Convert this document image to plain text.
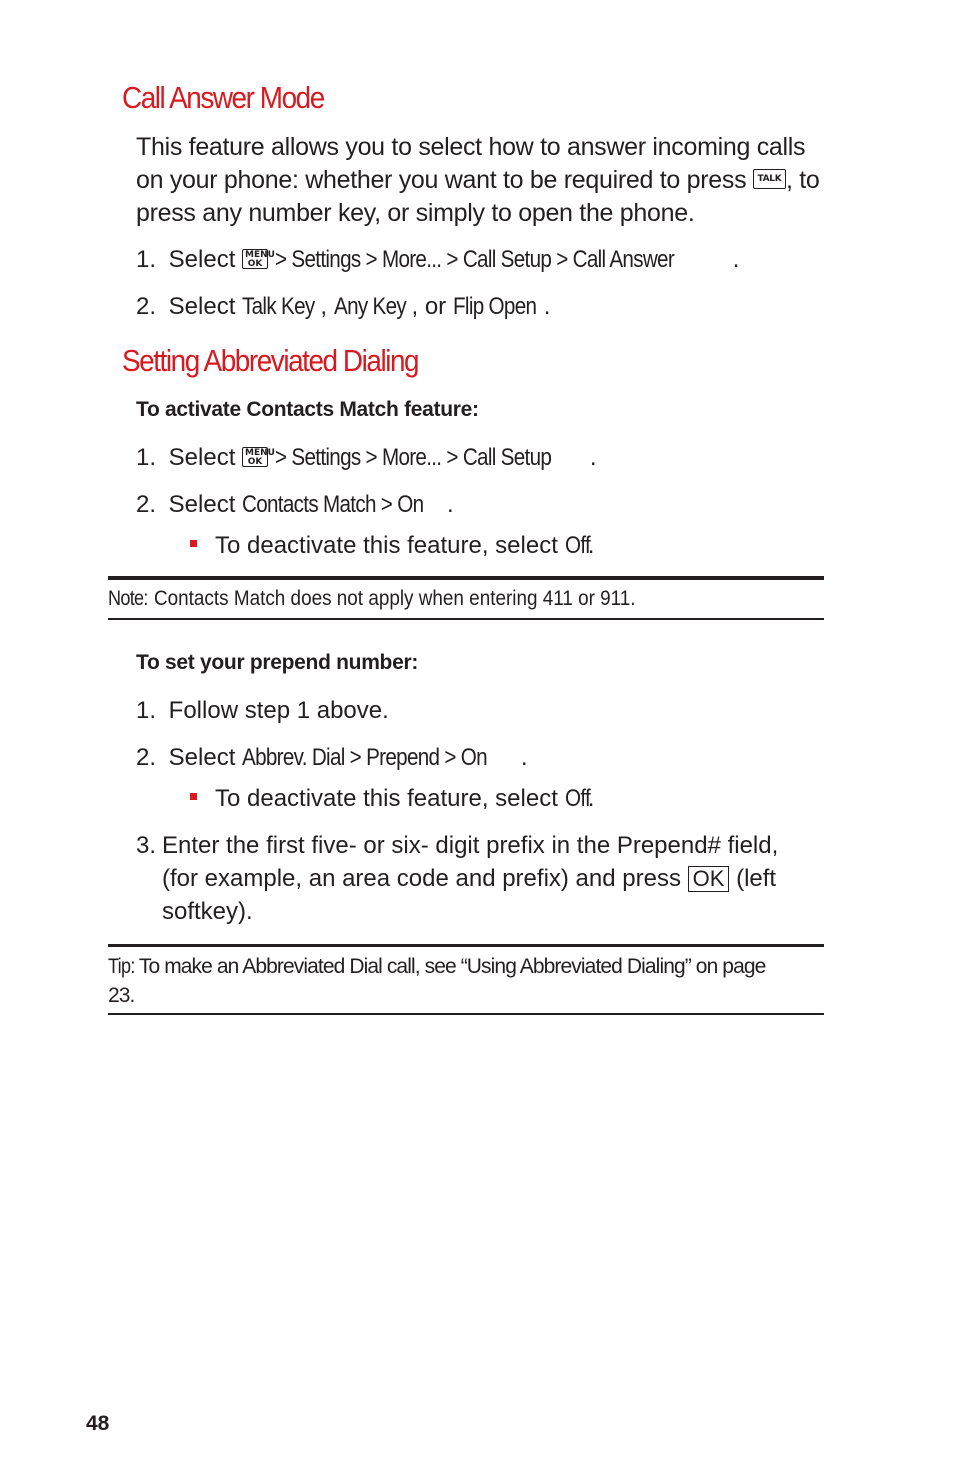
Call Answer Mode
This feature allows you to select how to answer incoming calls on your phone: whether you want to be required to press TALK , to press any number key, or simply to open the phone.
1. Select MENU
OK > Settings > More... > Call Setup > Call Answer .
2. Select Talk Key , Any Key , or Flip Open .
Setting Abbreviated Dialing
To activate Contacts Match feature:
1. Select MENU
OK > Settings > More... > Call Setup .
2. Select Contacts Match > On .
To deactivate this feature, select Off.
Note: Contacts Match does not apply when entering 411 or 911.
To set your prepend number:
1. Follow step 1 above.
2. Select Abbrev. Dial > Prepend > On .
To deactivate this feature, select Off.
3. Enter the first five- or six- digit prefix in the Prepend# field, (for example, an area code and prefix) and press OK (left softkey).
Tip: To make an Abbreviated Dial call, see “Using Abbreviated Dialing” on page 23.
48
